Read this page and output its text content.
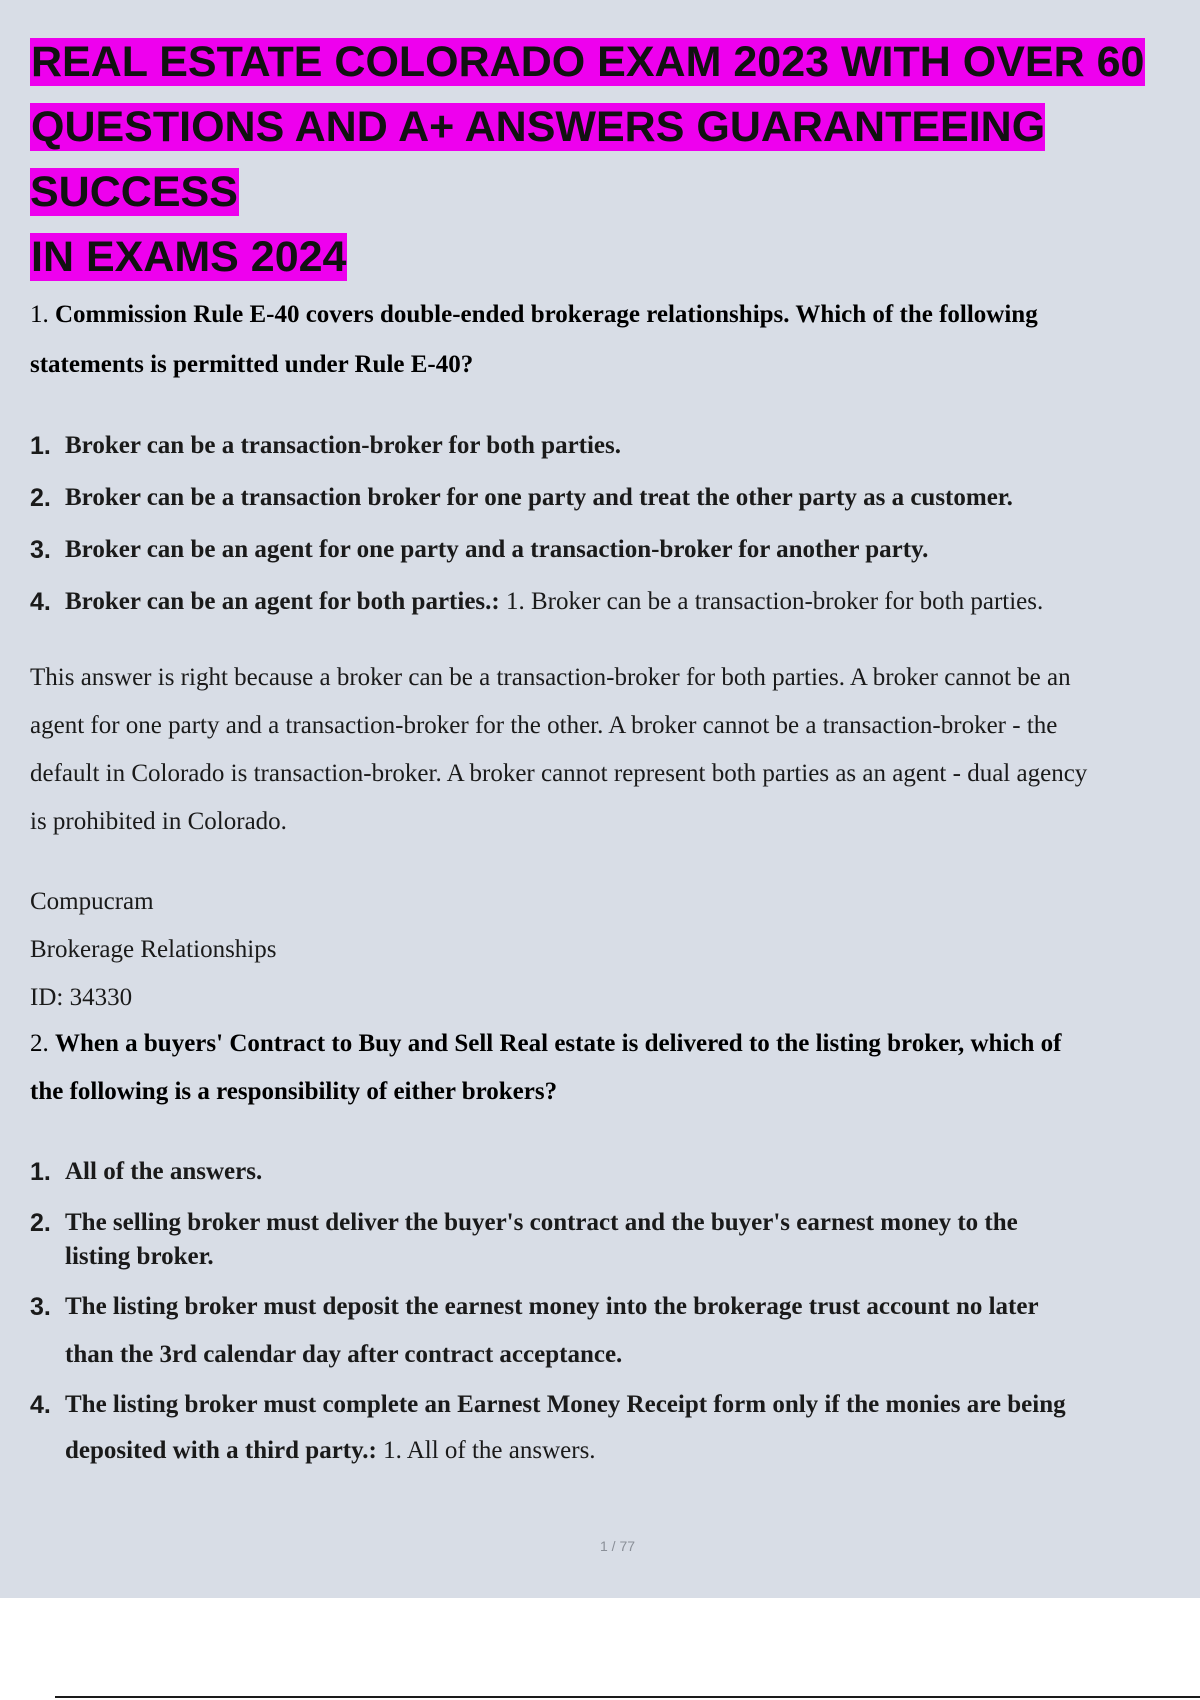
REAL ESTATE COLORADO EXAM 2023 WITH OVER 60
QUESTIONS AND A+ ANSWERS GUARANTEEING SUCCESS
IN EXAMS 2024
1. Commission Rule E-40 covers double-ended brokerage relationships. Which of the following
statements is permitted under Rule E-40?
1. Broker can be a transaction-broker for both parties.
2. Broker can be a transaction broker for one party and treat the other party as a customer.
3. Broker can be an agent for one party and a transaction-broker for another party.
4. Broker can be an agent for both parties.: 1. Broker can be a transaction-broker for both parties.

This answer is right because a broker can be a transaction-broker for both parties. A broker cannot be an

agent for one party and a transaction-broker for the other. A broker cannot be a transaction-broker - the

default in Colorado is transaction-broker. A broker cannot represent both parties as an agent - dual agency

is prohibited in Colorado.

Compucram

Brokerage Relationships

ID: 34330

2. When a buyers' Contract to Buy and Sell Real estate is delivered to the listing broker, which of
the following is a responsibility of either brokers?
1. All of the answers.
2. The selling broker must deliver the buyer's contract and the buyer's earnest money to the
listing broker.
3. The listing broker must deposit the earnest money into the brokerage trust account no later
than the 3rd calendar day after contract acceptance.
4. The listing broker must complete an Earnest Money Receipt form only if the monies are being
deposited with a third party.: 1. All of the answers.
1 / 77
